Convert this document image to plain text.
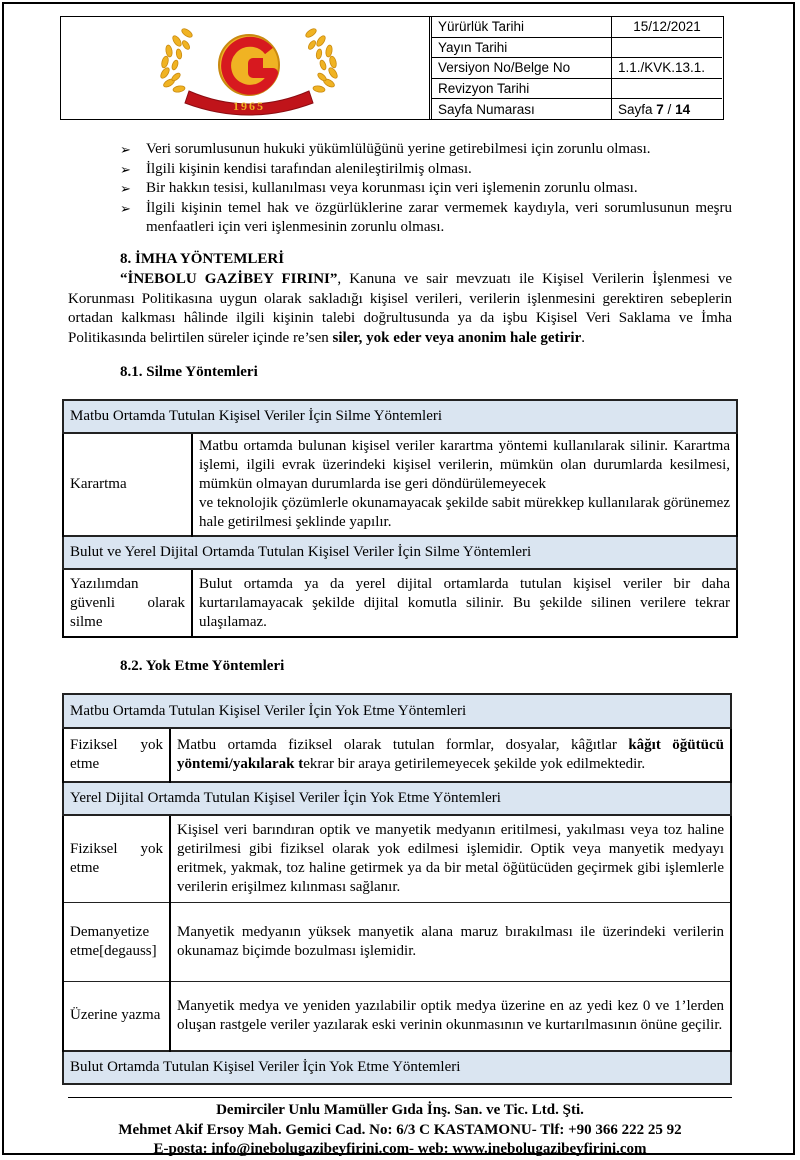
1965
Yürürlük Tarihi	15/12/2021
Yayın Tarihi	
Versiyon No/Belge No	1.1./KVK.13.1.
Revizyon Tarihi	
Sayfa Numarası	Sayfa 7 / 14
➢ Veri sorumlusunun hukuki yükümlülüğünü yerine getirebilmesi için zorunlu olması.
➢ İlgili kişinin kendisi tarafından alenileştirilmiş olması.
➢ Bir hakkın tesisi, kullanılması veya korunması için veri işlemenin zorunlu olması.
➢ İlgili kişinin temel hak ve özgürlüklerine zarar vermemek kaydıyla, veri sorumlusunun meşru menfaatleri için veri işlenmesinin zorunlu olması.
8. İMHA YÖNTEMLERİ
“İNEBOLU GAZİBEY FIRINI”, Kanuna ve sair mevzuatı ile Kişisel Verilerin İşlenmesi ve Korunması Politikasına uygun olarak sakladığı kişisel verileri, verilerin işlenmesini gerektiren sebeplerin ortadan kalkması hâlinde ilgili kişinin talebi doğrultusunda ya da işbu Kişisel Veri Saklama ve İmha Politikasında belirtilen süreler içinde re’sen siler, yok eder veya anonim hale getirir.
8.1. Silme Yöntemleri
Matbu Ortamda Tutulan Kişisel Veriler İçin Silme Yöntemleri	
Karartma	Matbu ortamda bulunan kişisel veriler karartma yöntemi kullanılarak silinir. Karartma işlemi, ilgili evrak üzerindeki kişisel verilerin, mümkün olan durumlarda kesilmesi, mümkün olmayan durumlarda ise geri döndürülemeyecek
ve teknolojik çözümlerle okunamayacak şekilde sabit mürekkep kullanılarak görünemez hale getirilmesi şeklinde yapılır.
Bulut ve Yerel Dijital Ortamda Tutulan Kişisel Veriler İçin Silme Yöntemleri	
Yazılımdan güvenli olarak silme	Bulut ortamda ya da yerel dijital ortamlarda tutulan kişisel veriler bir daha kurtarılamayacak şekilde dijital komutla silinir. Bu şekilde silinen verilere tekrar ulaşılamaz.
8.2. Yok Etme Yöntemleri
Matbu Ortamda Tutulan Kişisel Veriler İçin Yok Etme Yöntemleri	
Fiziksel yok etme	Matbu ortamda fiziksel olarak tutulan formlar, dosyalar, kâğıtlar kâğıt öğütücü yöntemi/yakılarak tekrar bir araya getirilemeyecek şekilde yok edilmektedir.
Yerel Dijital Ortamda Tutulan Kişisel Veriler İçin Yok Etme Yöntemleri	
Fiziksel yok etme	Kişisel veri barındıran optik ve manyetik medyanın eritilmesi, yakılması veya toz haline getirilmesi gibi fiziksel olarak yok edilmesi işlemidir. Optik veya manyetik medyayı eritmek, yakmak, toz haline getirmek ya da bir metal öğütücüden geçirmek gibi işlemlerle verilerin erişilmez kılınması sağlanır.
Demanyetize etme[degauss]	Manyetik medyanın yüksek manyetik alana maruz bırakılması ile üzerindeki verilerin okunamaz biçimde bozulması işlemidir.
Üzerine yazma	Manyetik medya ve yeniden yazılabilir optik medya üzerine en az yedi kez 0 ve 1’lerden oluşan rastgele veriler yazılarak eski verinin okunmasının ve kurtarılmasının önüne geçilir.
Bulut Ortamda Tutulan Kişisel Veriler İçin Yok Etme Yöntemleri	
Demirciler Unlu Mamüller Gıda İnş. San. ve Tic. Ltd. Şti.
Mehmet Akif Ersoy Mah. Gemici Cad. No: 6/3 C KASTAMONU- Tlf: +90 366 222 25 92
E-posta: info@inebolugazibeyfirini.com- web: www.inebolugazibeyfirini.com
